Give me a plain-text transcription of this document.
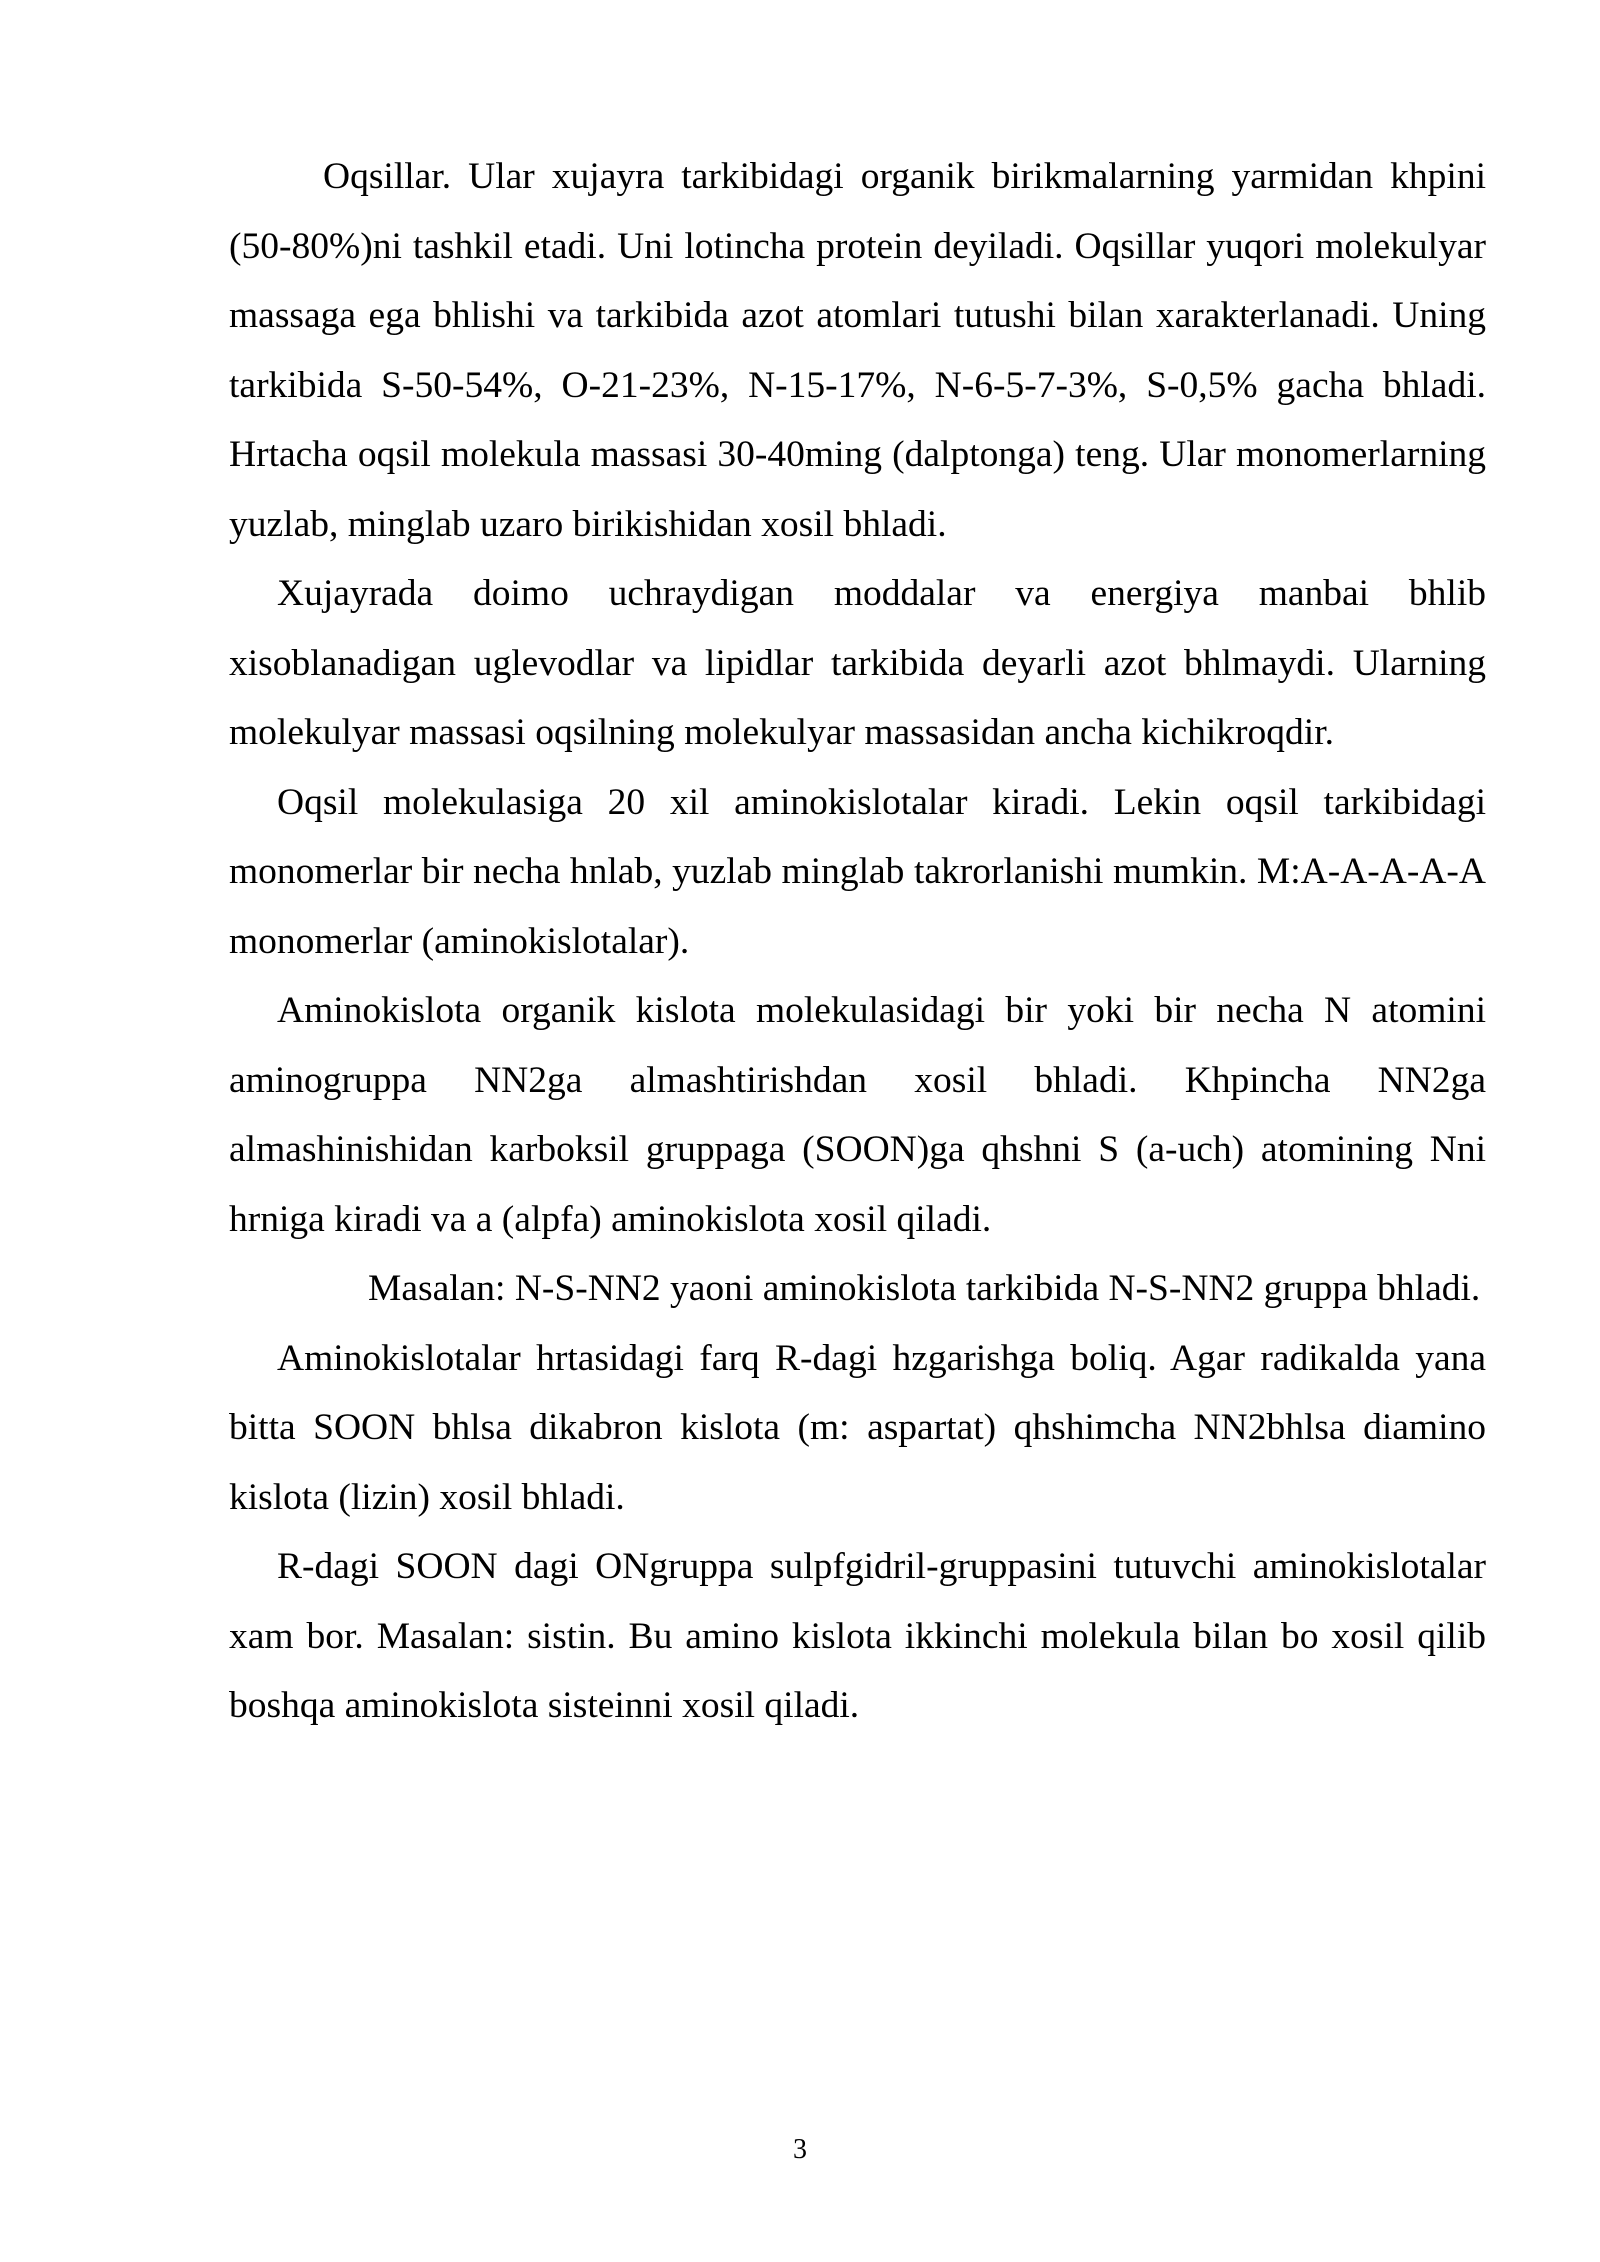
Oqsillar. Ular xujayra tarkibidagi organik birikmalarning yarmidan khpini (50-80%)ni tashkil etadi. Uni lotincha protein deyiladi. Oqsillar yuqori molekulyar massaga ega bhlishi va tarkibida azot atomlari tutushi bilan xarakterlanadi. Uning tarkibida S-50-54%, O-21-23%, N-15-17%, N-6-5-7-3%, S-0,5% gacha bhladi. Hrtacha oqsil molekula massasi 30-40ming (dalptonga) teng. Ular monomerlarning yuzlab, minglab uzaro birikishidan xosil bhladi.

Xujayrada doimo uchraydigan moddalar va energiya manbai bhlib xisoblanadigan uglevodlar va lipidlar tarkibida deyarli azot bhlmaydi. Ularning molekulyar massasi oqsilning molekulyar massasidan ancha kichikroqdir.

Oqsil molekulasiga 20 xil aminokislotalar kiradi. Lekin oqsil tarkibidagi monomerlar bir necha hnlab, yuzlab minglab takrorlanishi mumkin. M:A-A-A-A-A monomerlar (aminokislotalar).

Aminokislota organik kislota molekulasidagi bir yoki bir necha N atomini aminogruppa NN2ga almashtirishdan xosil bhladi. Khpincha NN2ga almashinishidan karboksil gruppaga (SOON)ga qhshni S (a-uch) atomining Nni hrniga kiradi va a (alpfa) aminokislota xosil qiladi.

Masalan: N-S-NN2 yaoni aminokislota tarkibida N-S-NN2 gruppa bhladi.

Aminokislotalar hrtasidagi farq R-dagi hzgarishga boliq. Agar radikalda yana bitta SOON bhlsa dikabron kislota (m: aspartat) qhshimcha NN2bhlsa diamino kislota (lizin) xosil bhladi.

R-dagi SOON dagi ONgruppa sulpfgidril-gruppasini tutuvchi aminokislotalar xam bor. Masalan: sistin. Bu amino kislota ikkinchi molekula bilan bo xosil qilib boshqa aminokislota sisteinni xosil qiladi.

3
